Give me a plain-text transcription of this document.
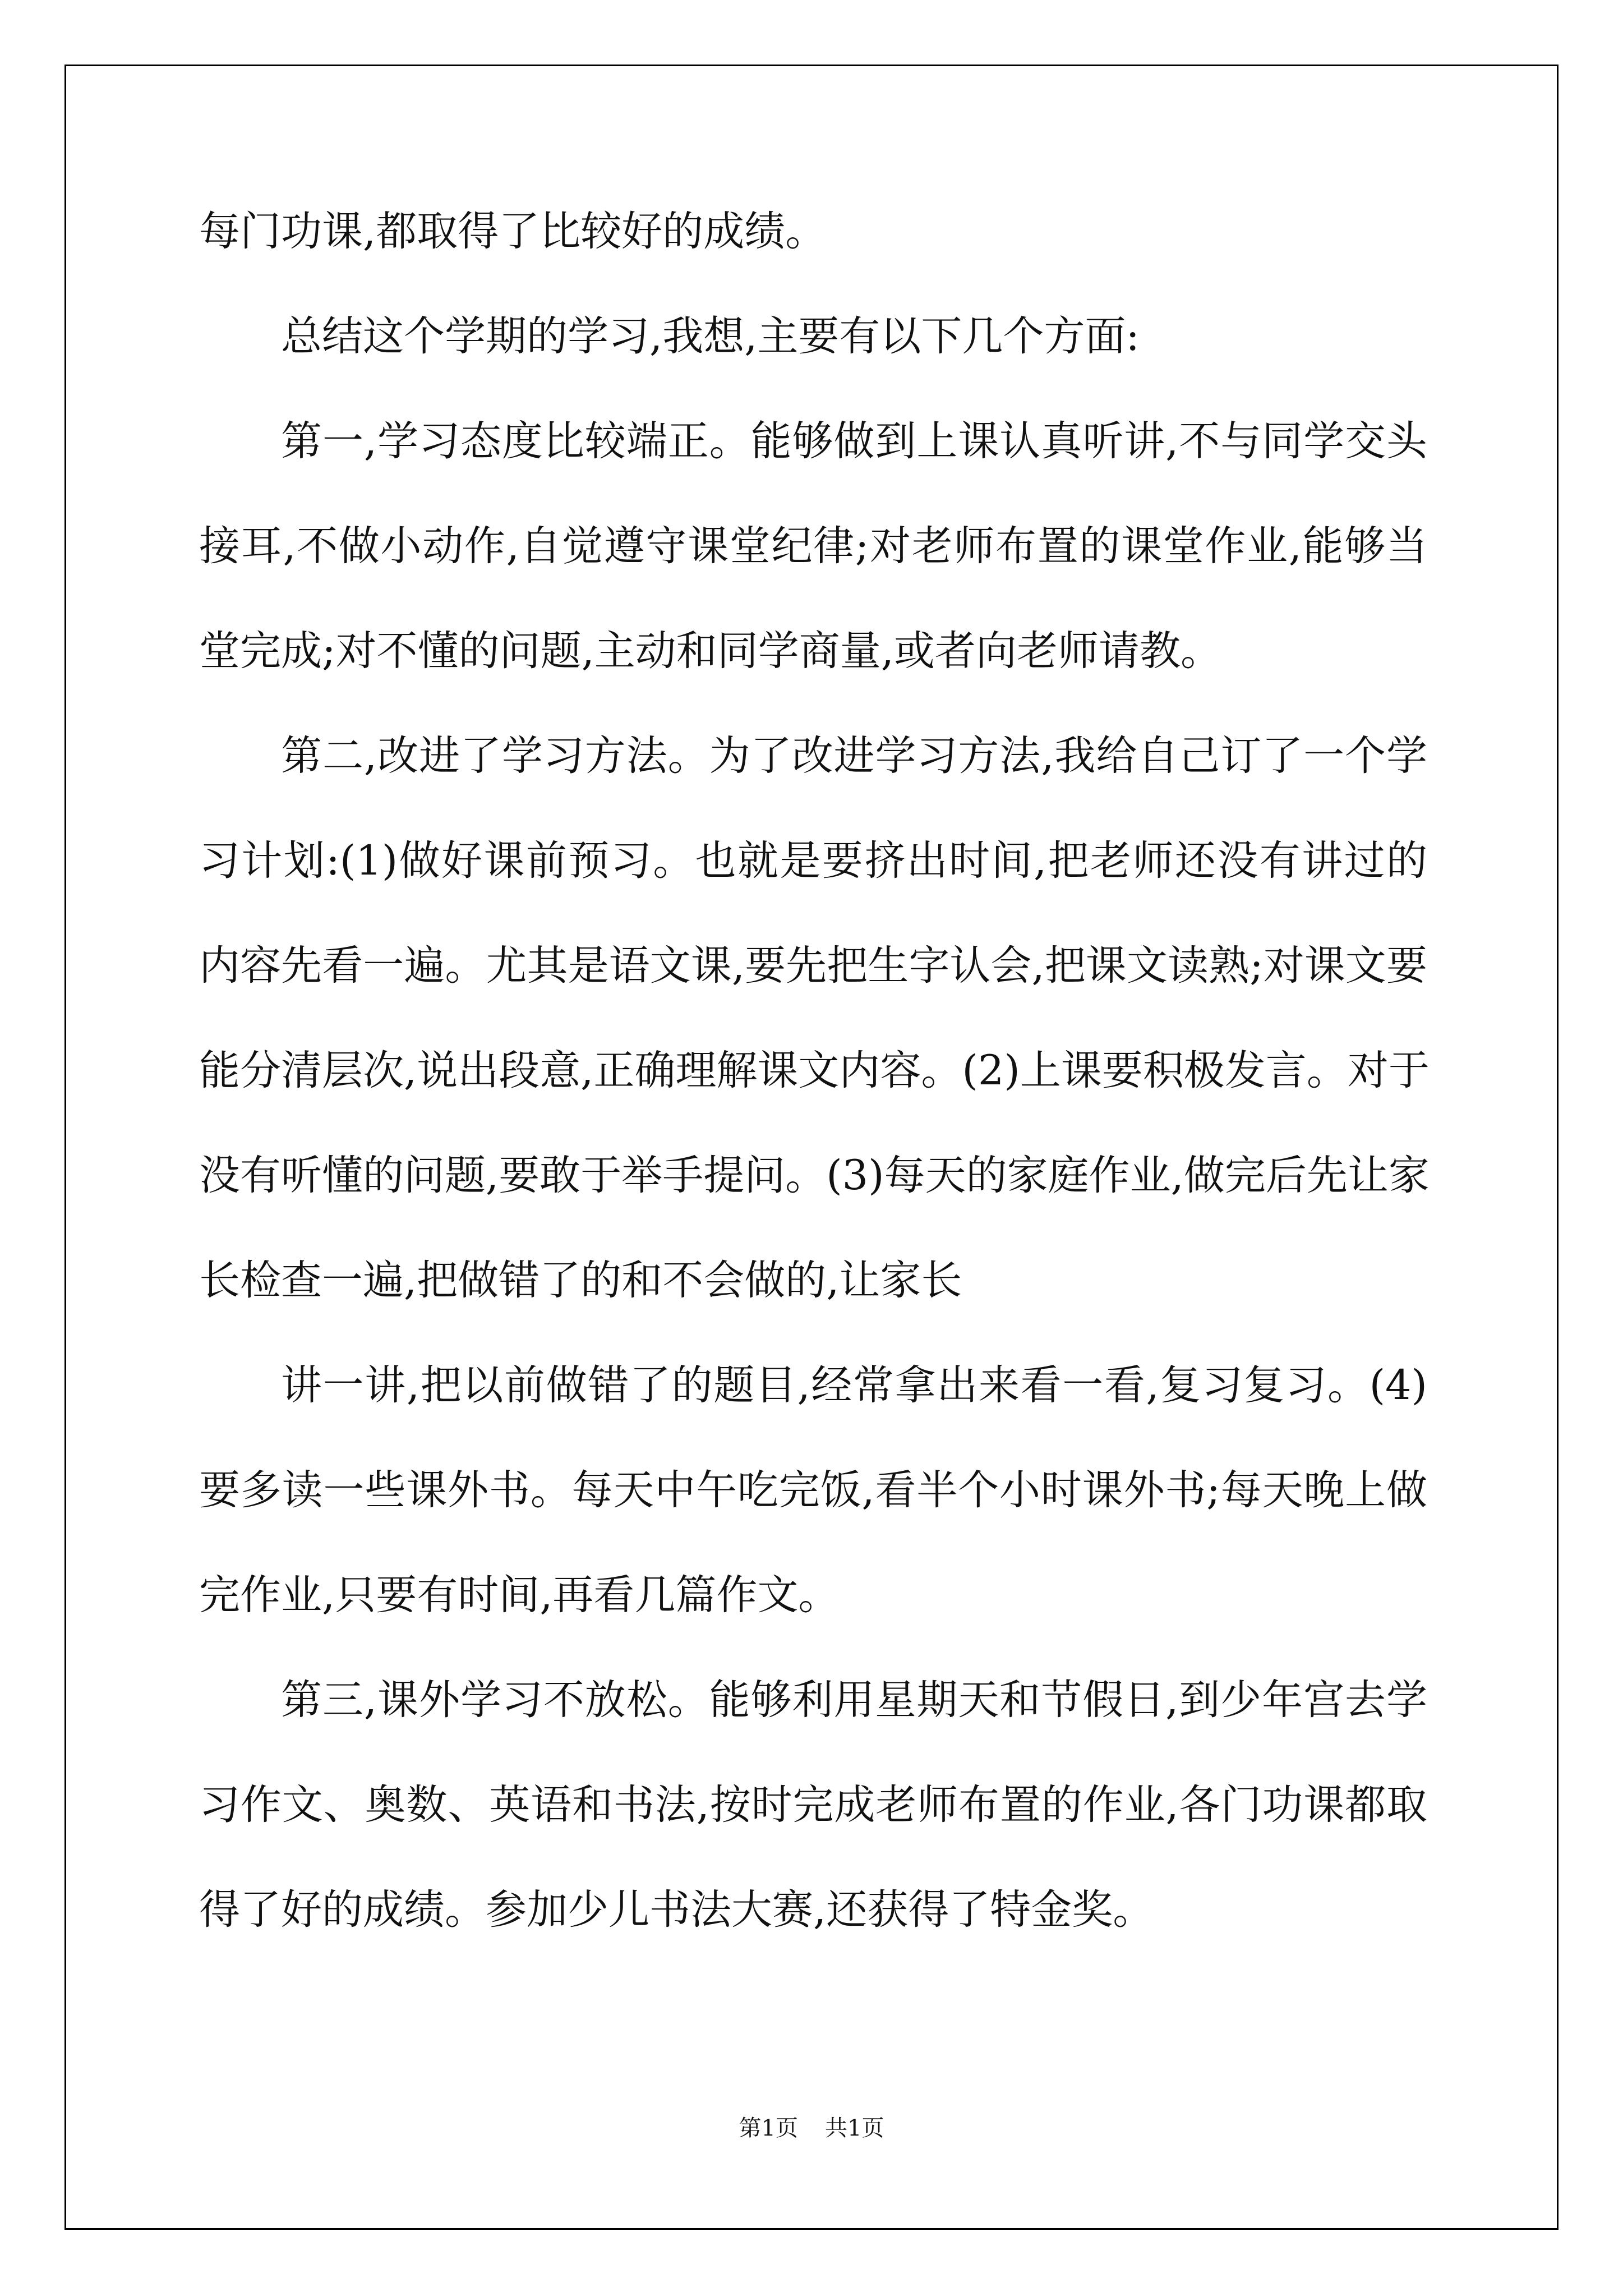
每门功课,都取得了比较好的成绩。
总结这个学期的学习,我想,主要有以下几个方面:
第一,学习态度比较端正。能够做到上课认真听讲,不与同学交头
接耳,不做小动作,自觉遵守课堂纪律;对老师布置的课堂作业,能够当
堂完成;对不懂的问题,主动和同学商量,或者向老师请教。
第二,改进了学习方法。为了改进学习方法,我给自己订了一个学
习计划:(1)做好课前预习。也就是要挤出时间,把老师还没有讲过的
内容先看一遍。尤其是语文课,要先把生字认会,把课文读熟;对课文要
能分清层次,说出段意,正确理解课文内容。(2)上课要积极发言。对于
没有听懂的问题,要敢于举手提问。(3)每天的家庭作业,做完后先让家
长检查一遍,把做错了的和不会做的,让家长
讲一讲,把以前做错了的题目,经常拿出来看一看,复习复习。(4)
要多读一些课外书。每天中午吃完饭,看半个小时课外书;每天晚上做
完作业,只要有时间,再看几篇作文。
第三,课外学习不放松。能够利用星期天和节假日,到少年宫去学
习作文、奥数、英语和书法,按时完成老师布置的作业,各门功课都取
得了好的成绩。参加少儿书法大赛,还获得了特金奖。
第1页 共1页
